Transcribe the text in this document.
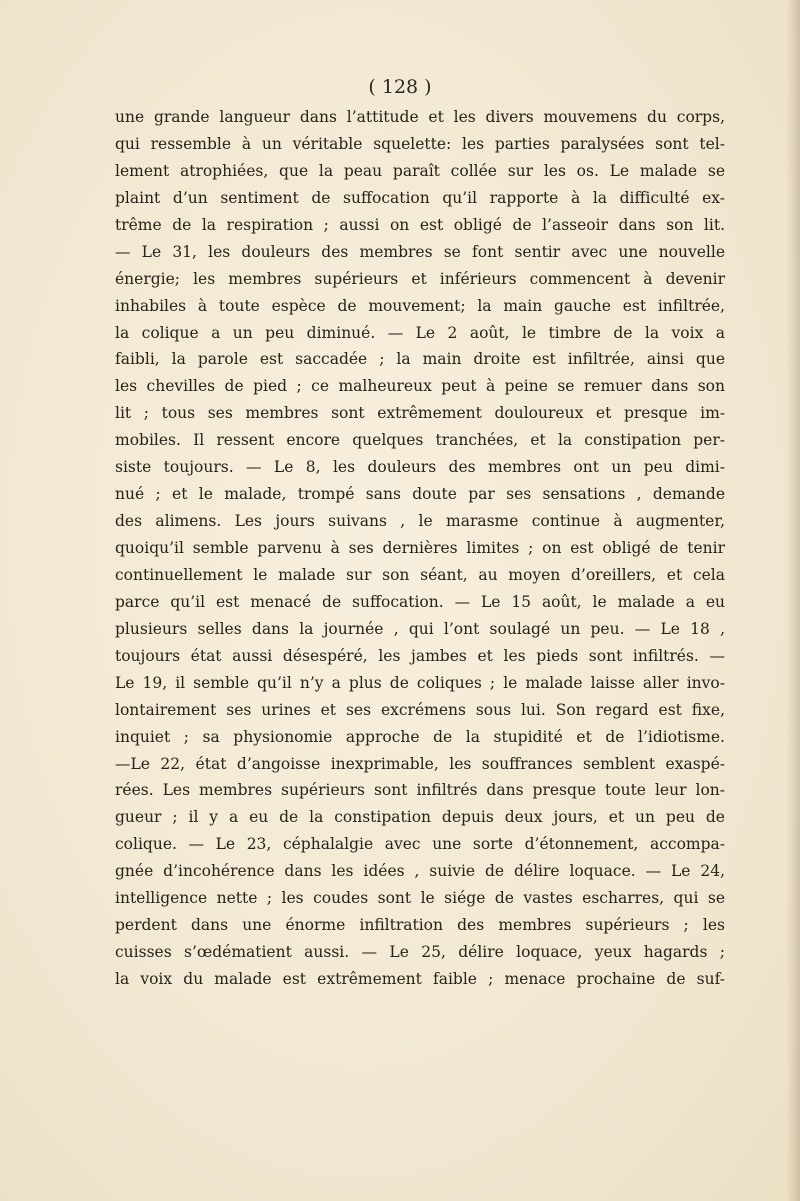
( 128 )
une grande langueur dans l’attitude et les divers mouvemens du corps,
qui ressemble à un véritable squelette: les parties paralysées sont tel-
lement atrophiées, que la peau paraît collée sur les os. Le malade se
plaint d’un sentiment de suffocation qu’il rapporte à la difficulté ex-
trême de la respiration ; aussi on est obligé de l’asseoir dans son lit.
— Le 31, les douleurs des membres se font sentir avec une nouvelle
énergie; les membres supérieurs et inférieurs commencent à devenir
inhabiles à toute espèce de mouvement; la main gauche est infiltrée,
la colique a un peu diminué. — Le 2 août, le timbre de la voix a
faibli, la parole est saccadée ; la main droite est infiltrée, ainsi que
les chevilles de pied ; ce malheureux peut à peine se remuer dans son
lit ; tous ses membres sont extrêmement douloureux et presque im-
mobiles. Il ressent encore quelques tranchées, et la constipation per-
siste toujours. — Le 8, les douleurs des membres ont un peu dimi-
nué ; et le malade, trompé sans doute par ses sensations , demande
des alimens. Les jours suivans , le marasme continue à augmenter,
quoiqu’il semble parvenu à ses dernières limites ; on est obligé de tenir
continuellement le malade sur son séant, au moyen d’oreillers, et cela
parce qu’il est menacé de suffocation. — Le 15 août, le malade a eu
plusieurs selles dans la journée , qui l’ont soulagé un peu. — Le 18 ,
toujours état aussi désespéré, les jambes et les pieds sont infiltrés. —
Le 19, il semble qu’il n’y a plus de coliques ; le malade laisse aller invo-
lontairement ses urines et ses excrémens sous lui. Son regard est fixe,
inquiet ; sa physionomie approche de la stupidité et de l’idiotisme.
—Le 22, état d’angoisse inexprimable, les souffrances semblent exaspé-
rées. Les membres supérieurs sont infiltrés dans presque toute leur lon-
gueur ; il y a eu de la constipation depuis deux jours, et un peu de
colique. — Le 23, céphalalgie avec une sorte d’étonnement, accompa-
gnée d’incohérence dans les idées , suivie de délire loquace. — Le 24,
intelligence nette ; les coudes sont le siége de vastes escharres, qui se
perdent dans une énorme infiltration des membres supérieurs ; les
cuisses s’œdématient aussi. — Le 25, délire loquace, yeux hagards ;
la voix du malade est extrêmement faible ; menace prochaine de suf-
